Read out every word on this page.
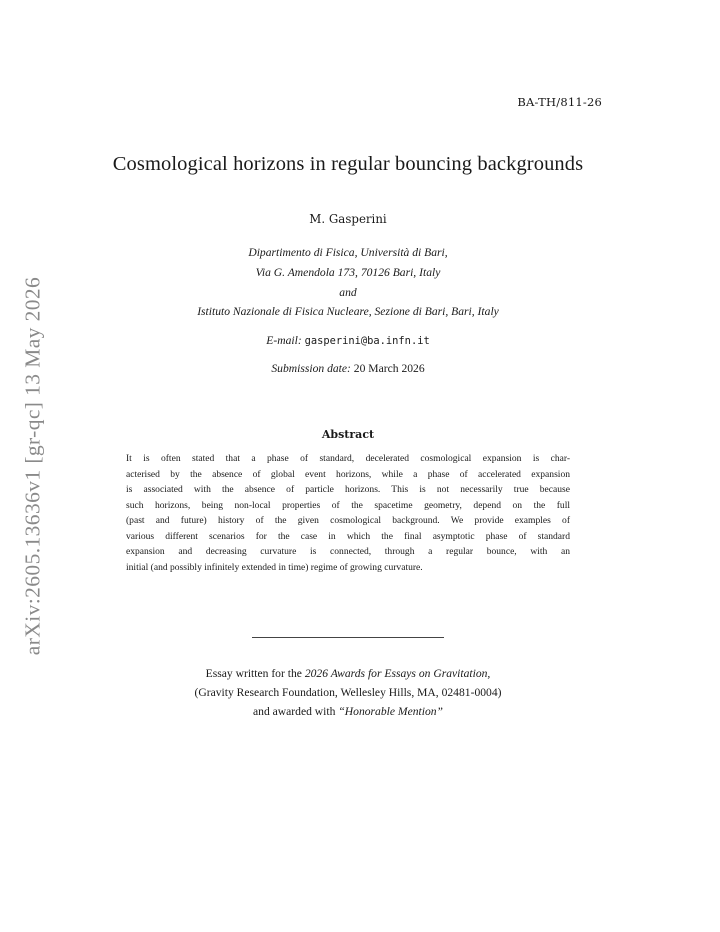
BA-TH/811-26
arXiv:2605.13636v1 [gr-qc] 13 May 2026
Cosmological horizons in regular bouncing backgrounds
M. Gasperini
Dipartimento di Fisica, Università di Bari,
Via G. Amendola 173, 70126 Bari, Italy
and
Istituto Nazionale di Fisica Nucleare, Sezione di Bari, Bari, Italy
E-mail: gasperini@ba.infn.it
Submission date: 20 March 2026
Abstract
It is often stated that a phase of standard, decelerated cosmological expansion is char-
acterised by the absence of global event horizons, while a phase of accelerated expansion
is associated with the absence of particle horizons. This is not necessarily true because
such horizons, being non-local properties of the spacetime geometry, depend on the full
(past and future) history of the given cosmological background. We provide examples of
various different scenarios for the case in which the final asymptotic phase of standard
expansion and decreasing curvature is connected, through a regular bounce, with an
initial (and possibly infinitely extended in time) regime of growing curvature.
Essay written for the 2026 Awards for Essays on Gravitation,
(Gravity Research Foundation, Wellesley Hills, MA, 02481-0004)
and awarded with “Honorable Mention”
